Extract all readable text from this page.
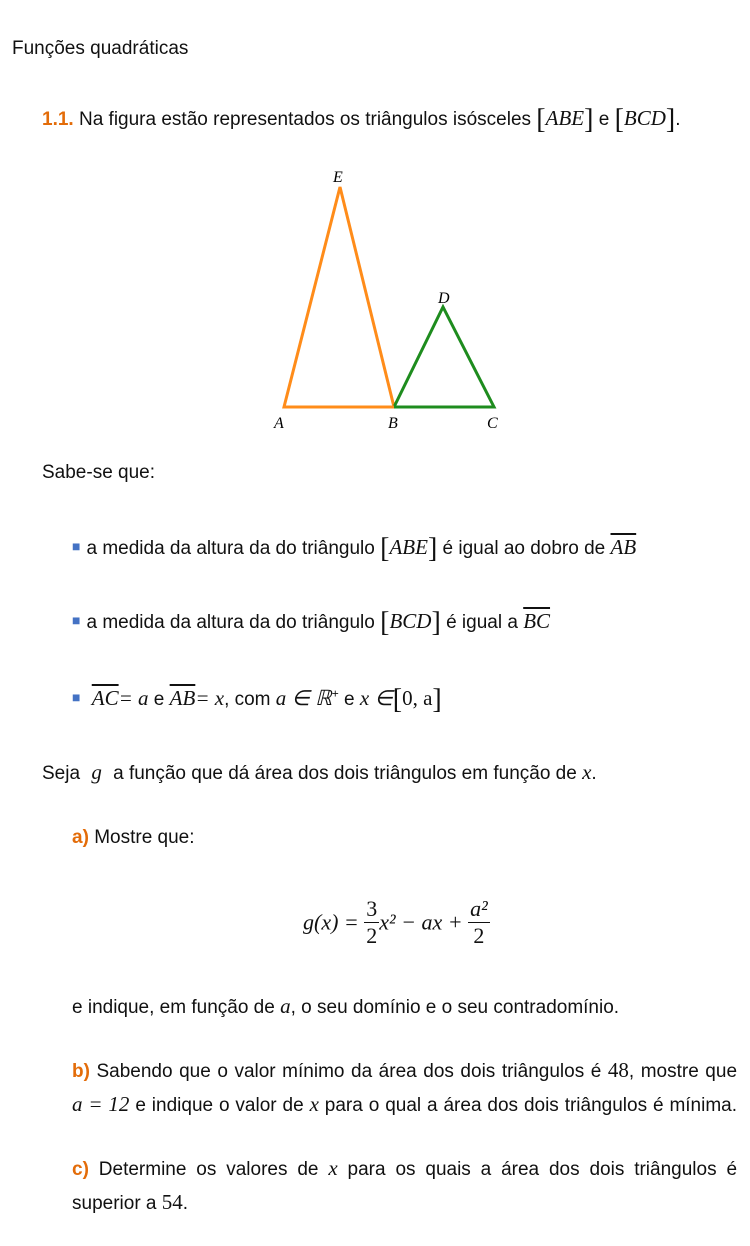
Funções quadráticas
1.1. Na figura estão representados os triângulos isósceles [ABE] e [BCD].
E
D
A	B	C
Sabe-se que:
■ a medida da altura da do triângulo [ABE] é igual ao dobro de $\overline{AB}$
■ a medida da altura da do triângulo [BCD] é igual a $\overline{BC}$
■ $\overline{AC}= a$ e $\overline{AB}= x$, com a ∈ ℝ+ e x ∈[0, a]
Seja g a função que dá área dos dois triângulos em função de x.
a) Mostre que:
$g(x) = \frac{3}{2} x^2$ − ax + $\frac{\text{a²}}{2}$
e indique, em função de a, o seu domínio e o seu contradomínio.
b) Sabendo que o valor mínimo da área dos dois triângulos é 48, mostre que
a = 12 e indique o valor de x para o qual a área dos dois triângulos é mínima.
c) Determine os valores de x para os quais a área dos dois triângulos é
superior a 54.
